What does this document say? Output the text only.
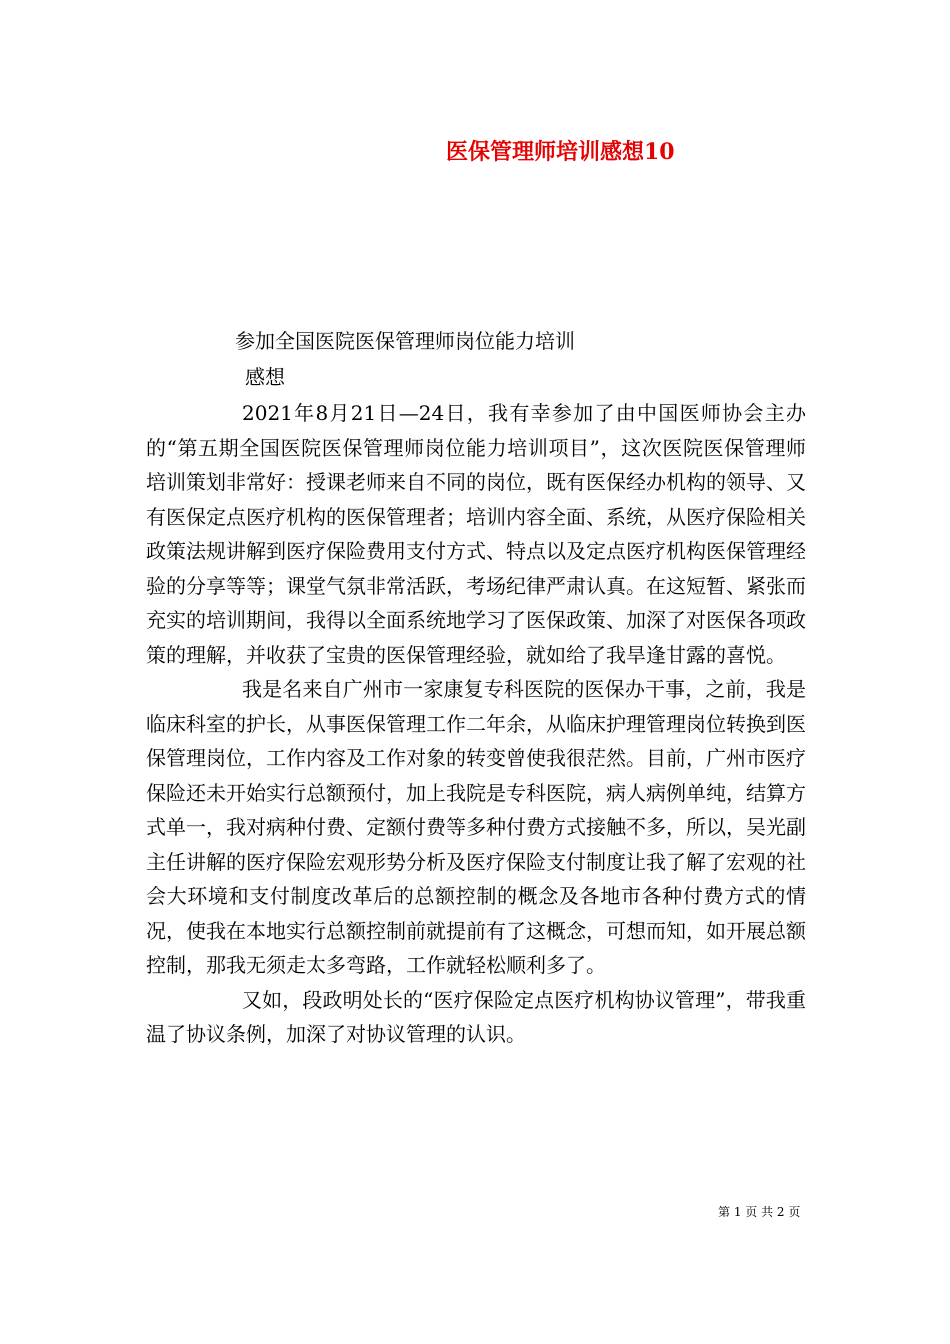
医保管理师培训感想10

参加全国医院医保管理师岗位能力培训

感想

2021年8月21日—24日，我有幸参加了由中国医师协会主办的“第五期全国医院医保管理师岗位能力培训项目”，这次医院医保管理师培训策划非常好：授课老师来自不同的岗位，既有医保经办机构的领导、又有医保定点医疗机构的医保管理者；培训内容全面、系统，从医疗保险相关政策法规讲解到医疗保险费用支付方式、特点以及定点医疗机构医保管理经验的分享等等；课堂气氛非常活跃，考场纪律严肃认真。在这短暂、紧张而充实的培训期间，我得以全面系统地学习了医保政策、加深了对医保各项政策的理解，并收获了宝贵的医保管理经验，就如给了我旱逢甘露的喜悦。

我是名来自广州市一家康复专科医院的医保办干事，之前，我是临床科室的护长，从事医保管理工作二年余，从临床护理管理岗位转换到医保管理岗位，工作内容及工作对象的转变曾使我很茫然。目前，广州市医疗保险还未开始实行总额预付，加上我院是专科医院，病人病例单纯，结算方式单一，我对病种付费、定额付费等多种付费方式接触不多，所以，吴光副主任讲解的医疗保险宏观形势分析及医疗保险支付制度让我了解了宏观的社会大环境和支付制度改革后的总额控制的概念及各地市各种付费方式的情况，使我在本地实行总额控制前就提前有了这概念，可想而知，如开展总额控制，那我无须走太多弯路，工作就轻松顺利多了。

又如，段政明处长的“医疗保险定点医疗机构协议管理”，带我重温了协议条例，加深了对协议管理的认识。

第 1 页 共 2 页
